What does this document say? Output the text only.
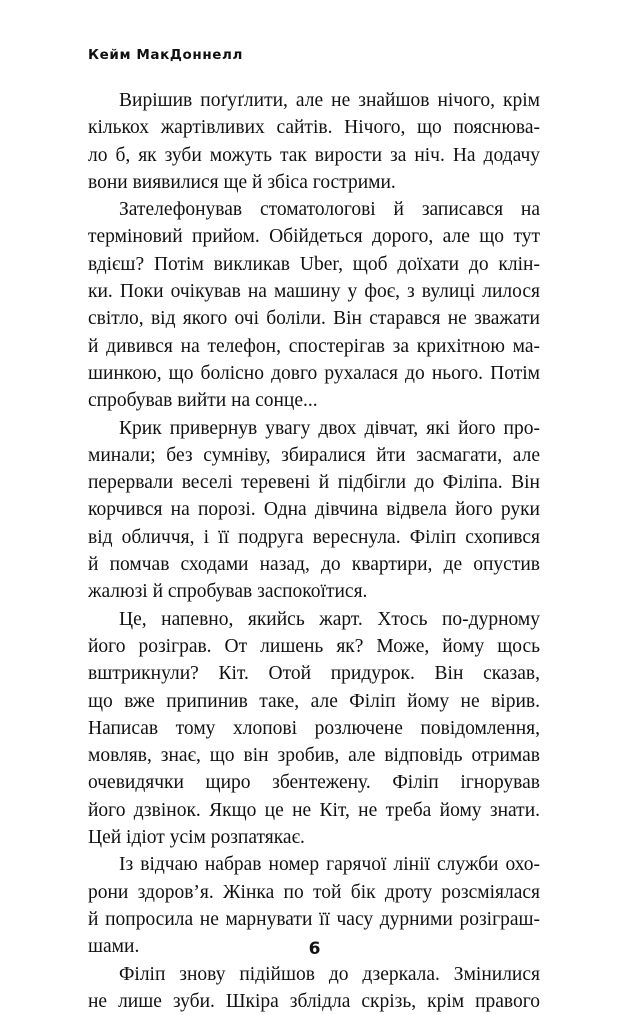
Кейм МакДоннелл
Вирішив поґуґлити, але не знайшов нічого, крім
кількох жартівливих сайтів. Нічого, що пояснюва-
ло б, як зуби можуть так вирости за ніч. На додачу
вони виявилися ще й збіса гострими.
Зателефонував стоматологові й записався на
терміновий прийом. Обійдеться дорого, але що тут
вдієш? Потім викликав Uber, щоб доїхати до клін-
ки. Поки очікував на машину у фоє, з вулиці лилося
світло, від якого очі боліли. Він старався не зважати
й дивився на телефон, спостерігав за крихітною ма-
шинкою, що болісно довго рухалася до нього. Потім
спробував вийти на сонце...
Крик привернув увагу двох дівчат, які його про-
минали; без сумніву, збиралися йти засмагати, але
перервали веселі теревені й підбігли до Філіпа. Він
корчився на порозі. Одна дівчина відвела його руки
від обличчя, і її подруга вереснула. Філіп схопився
й помчав сходами назад, до квартири, де опустив
жалюзі й спробував заспокоїтися.
Це, напевно, якийсь жарт. Хтось по-дурному
його розіграв. От лишень як? Може, йому щось
вштрикнули? Кіт. Отой придурок. Він сказав,
що вже припинив таке, але Філіп йому не вірив.
Написав тому хлопові розлючене повідомлення,
мовляв, знає, що він зробив, але відповідь отримав
очевидячки щиро збентежену. Філіп ігнорував
його дзвінок. Якщо це не Кіт, не треба йому знати.
Цей ідіот усім розпатякає.
Із відчаю набрав номер гарячої лінії служби охо-
рони здоров’я. Жінка по той бік дроту розсміялася
й попросила не марнувати її часу дурними розіграш-
шами.
Філіп знову підійшов до дзеркала. Змінилися
не лише зуби. Шкіра зблідла скрізь, крім правого
6
